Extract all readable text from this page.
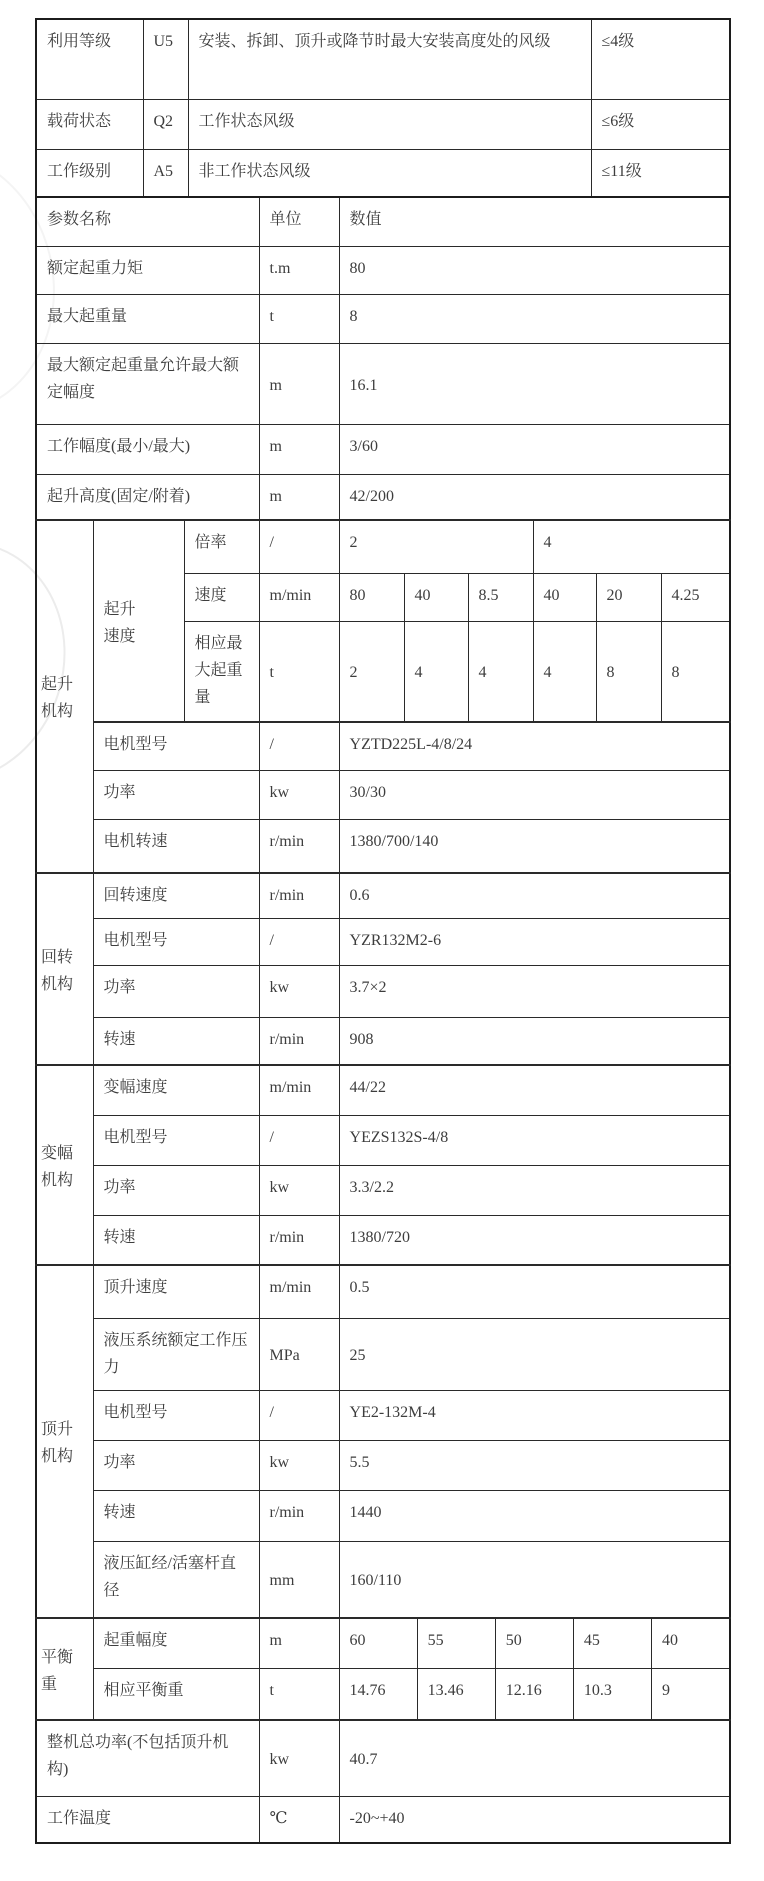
利用等级	U5	安装、拆卸、顶升或降节时最大安装高度处的风级	≤4级
载荷状态	Q2	工作状态风级	≤6级
工作级别	A5	非工作状态风级	≤11级
参数名称			单位	数值					
额定起重力矩			t.m	80					
最大起重量			t	8					
最大额定起重量允许最大额定幅度			m	16.1					
工作幅度(最小/最大)			m	3/60					
起升高度(固定/附着)			m	42/200					
起升机构	起升速度	倍率	/	2			4		
		速度	m/min	80	40	8.5	40	20	4.25
		相应最大起重量	t	2	4	4	4	8	8
	电机型号		/	YZTD225L-4/8/24					
	功率		kw	30/30					
	电机转速		r/min	1380/700/140					
回转机构	回转速度		r/min	0.6					
	电机型号		/	YZR132M2-6					
	功率		kw	3.7×2					
	转速		r/min	908					
变幅机构	变幅速度		m/min	44/22					
	电机型号		/	YEZS132S-4/8					
	功率		kw	3.3/2.2					
	转速		r/min	1380/720					
顶升机构	顶升速度		m/min	0.5					
	液压系统额定工作压力		MPa	25					
	电机型号		/	YE2-132M-4					
	功率		kw	5.5					
	转速		r/min	1440					
	液压缸经/活塞杆直径		mm	160/110					
平衡重	起重幅度		m	60 55 50 45 40					

	相应平衡重		t	14.76 13.46 12.16 10.3 9					

整机总功率(不包括顶升机构)			kw	40.7					
工作温度			℃	-20~+40					
